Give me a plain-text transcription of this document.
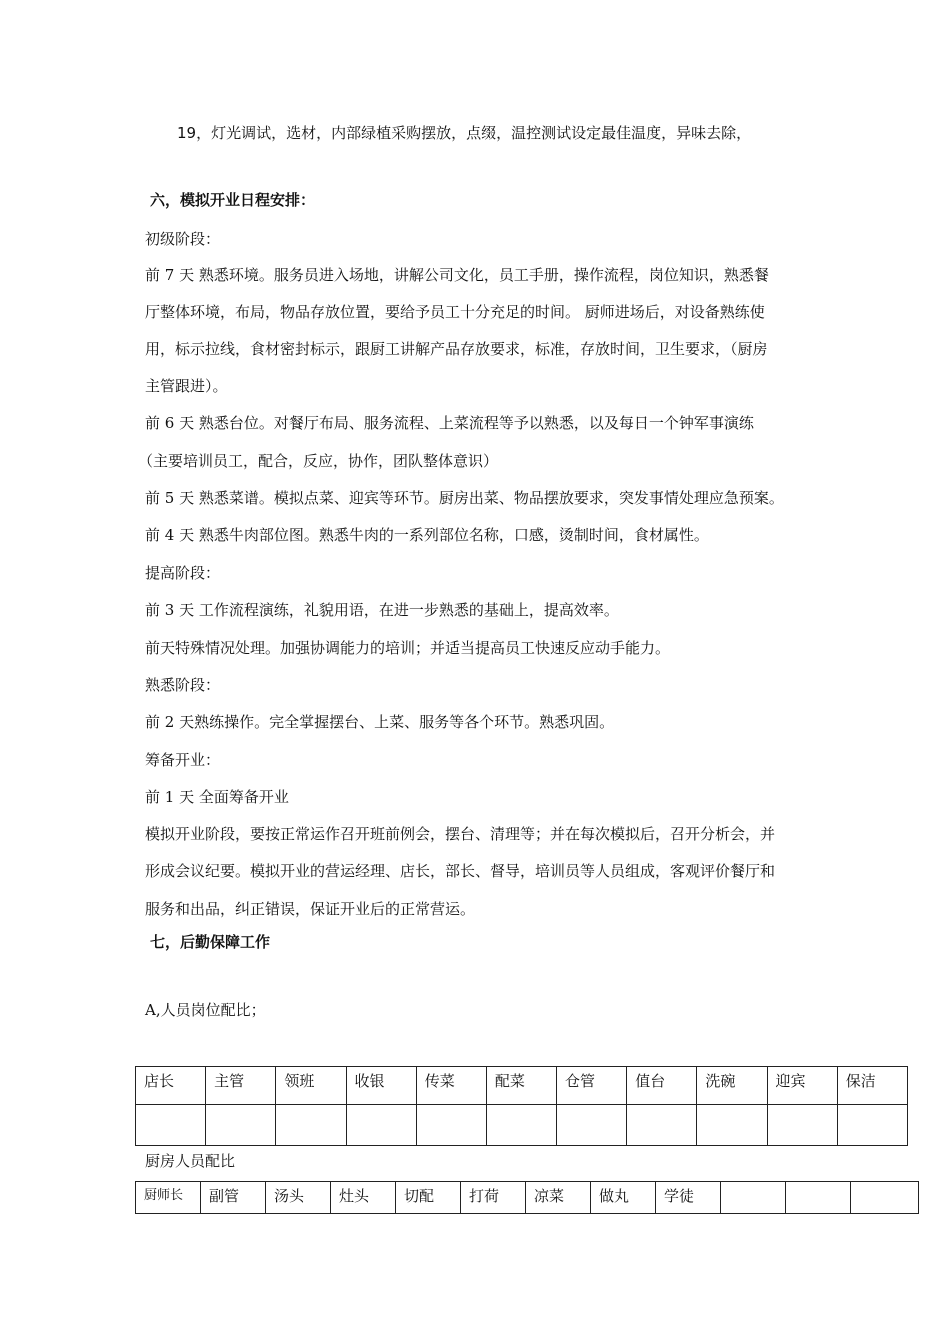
19，灯光调试，选材，内部绿植采购摆放，点缀，温控测试设定最佳温度，异味去除，
六，模拟开业日程安排：
初级阶段：
前 7 天 熟悉环境。服务员进入场地，讲解公司文化，员工手册，操作流程，岗位知识，熟悉餐
厅整体环境，布局，物品存放位置，要给予员工十分充足的时间。 厨师进场后，对设备熟练使
用，标示拉线，食材密封标示，跟厨工讲解产品存放要求，标准，存放时间，卫生要求，（厨房
主管跟进）。
前 6 天 熟悉台位。对餐厅布局、服务流程、上菜流程等予以熟悉，以及每日一个钟军事演练
（主要培训员工，配合，反应，协作，团队整体意识）
前 5 天 熟悉菜谱。模拟点菜、迎宾等环节。厨房出菜、物品摆放要求，突发事情处理应急预案。
前 4 天 熟悉牛肉部位图。熟悉牛肉的一系列部位名称，口感，烫制时间，食材属性。
提高阶段：
前 3 天 工作流程演练，礼貌用语，在进一步熟悉的基础上，提高效率。
前天特殊情况处理。加强协调能力的培训；并适当提高员工快速反应动手能力。
熟悉阶段：
前 2 天熟练操作。完全掌握摆台、上菜、服务等各个环节。熟悉巩固。
筹备开业：
前 1 天 全面筹备开业
模拟开业阶段，要按正常运作召开班前例会，摆台、清理等；并在每次模拟后，召开分析会，并
形成会议纪要。模拟开业的营运经理、店长，部长、督导，培训员等人员组成，客观评价餐厅和
服务和出品，纠正错误，保证开业后的正常营运。
七，后勤保障工作
A,人员岗位配比；
店长	主管	领班	收银	传菜	配菜	仓管	值台	洗碗	迎宾	保洁

厨房人员配比
厨师长	副管	汤头	灶头	切配	打荷	凉菜	做丸	学徒			
